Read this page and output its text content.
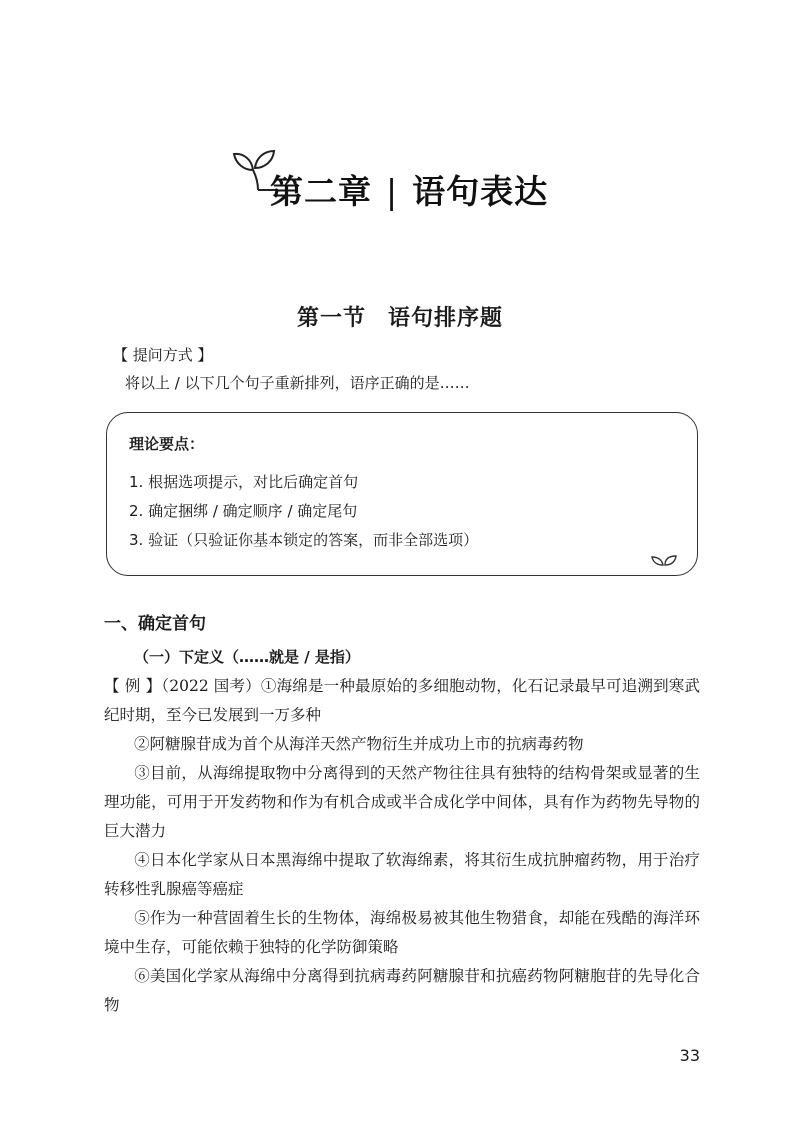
第二章 | 语句表达
第一节 语句排序题
【 提问方式 】
将以上 / 以下几个句子重新排列，语序正确的是……
理论要点：
1. 根据选项提示，对比后确定首句
2. 确定捆绑 / 确定顺序 / 确定尾句
3. 验证（只验证你基本锁定的答案，而非全部选项）
一、确定首句
（一）下定义（……就是 / 是指）
【 例 】（2022 国考）①海绵是一种最原始的多细胞动物，化石记录最早可追溯到寒武纪时期，至今已发展到一万多种
②阿糖腺苷成为首个从海洋天然产物衍生并成功上市的抗病毒药物
③目前，从海绵提取物中分离得到的天然产物往往具有独特的结构骨架或显著的生理功能，可用于开发药物和作为有机合成或半合成化学中间体，具有作为药物先导物的巨大潜力
④日本化学家从日本黑海绵中提取了软海绵素，将其衍生成抗肿瘤药物，用于治疗转移性乳腺癌等癌症
⑤作为一种营固着生长的生物体，海绵极易被其他生物猎食，却能在残酷的海洋环境中生存，可能依赖于独特的化学防御策略
⑥美国化学家从海绵中分离得到抗病毒药阿糖腺苷和抗癌药物阿糖胞苷的先导化合物
33
